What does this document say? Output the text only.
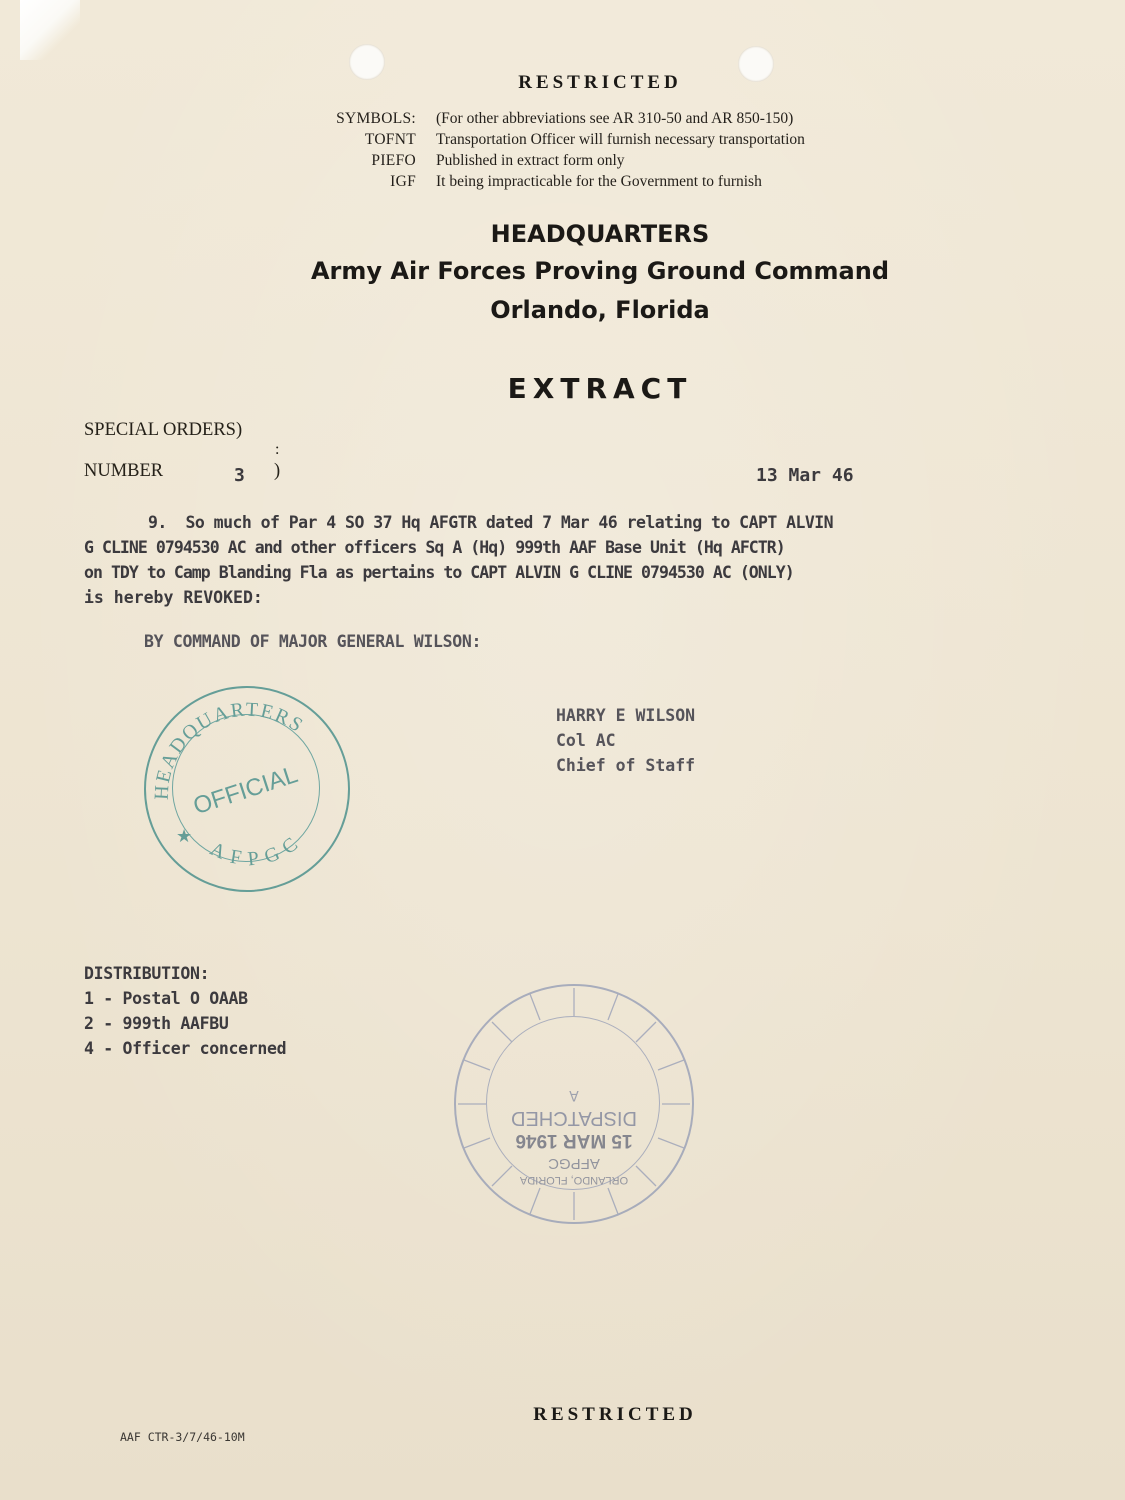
RESTRICTED
SYMBOLS: (For other abbreviations see AR 310-50 and AR 850-150)
TOFNT Transportation Officer will furnish necessary transportation
PIEFO Published in extract form only
IGF It being impracticable for the Government to furnish
HEADQUARTERS
Army Air Forces Proving Ground Command
Orlando, Florida
EXTRACT
SPECIAL ORDERS)
:
NUMBER	3 )	13 Mar 46
9.  So much of Par 4 SO 37 Hq AFGTR dated 7 Mar 46 relating to CAPT ALVIN
G CLINE 0794530 AC and other officers Sq A (Hq) 999th AAF Base Unit (Hq AFCTR)
on TDY to Camp Blanding Fla as pertains to CAPT ALVIN G CLINE 0794530 AC (ONLY)
is hereby REVOKED:
BY COMMAND OF MAJOR GENERAL WILSON:
HARRY E WILSON
Col AC
Chief of Staff
HEADQUARTERS
AFPGC
★
OFFICIAL
DISTRIBUTION:
1 - Postal O OAAB
2 - 999th AAFBU
4 - Officer concerned
A
DISPATCHED
15 MAR 1946
AFPGC
ORLANDO, FLORIDA
RESTRICTED
AAF CTR-3/7/46-10M
